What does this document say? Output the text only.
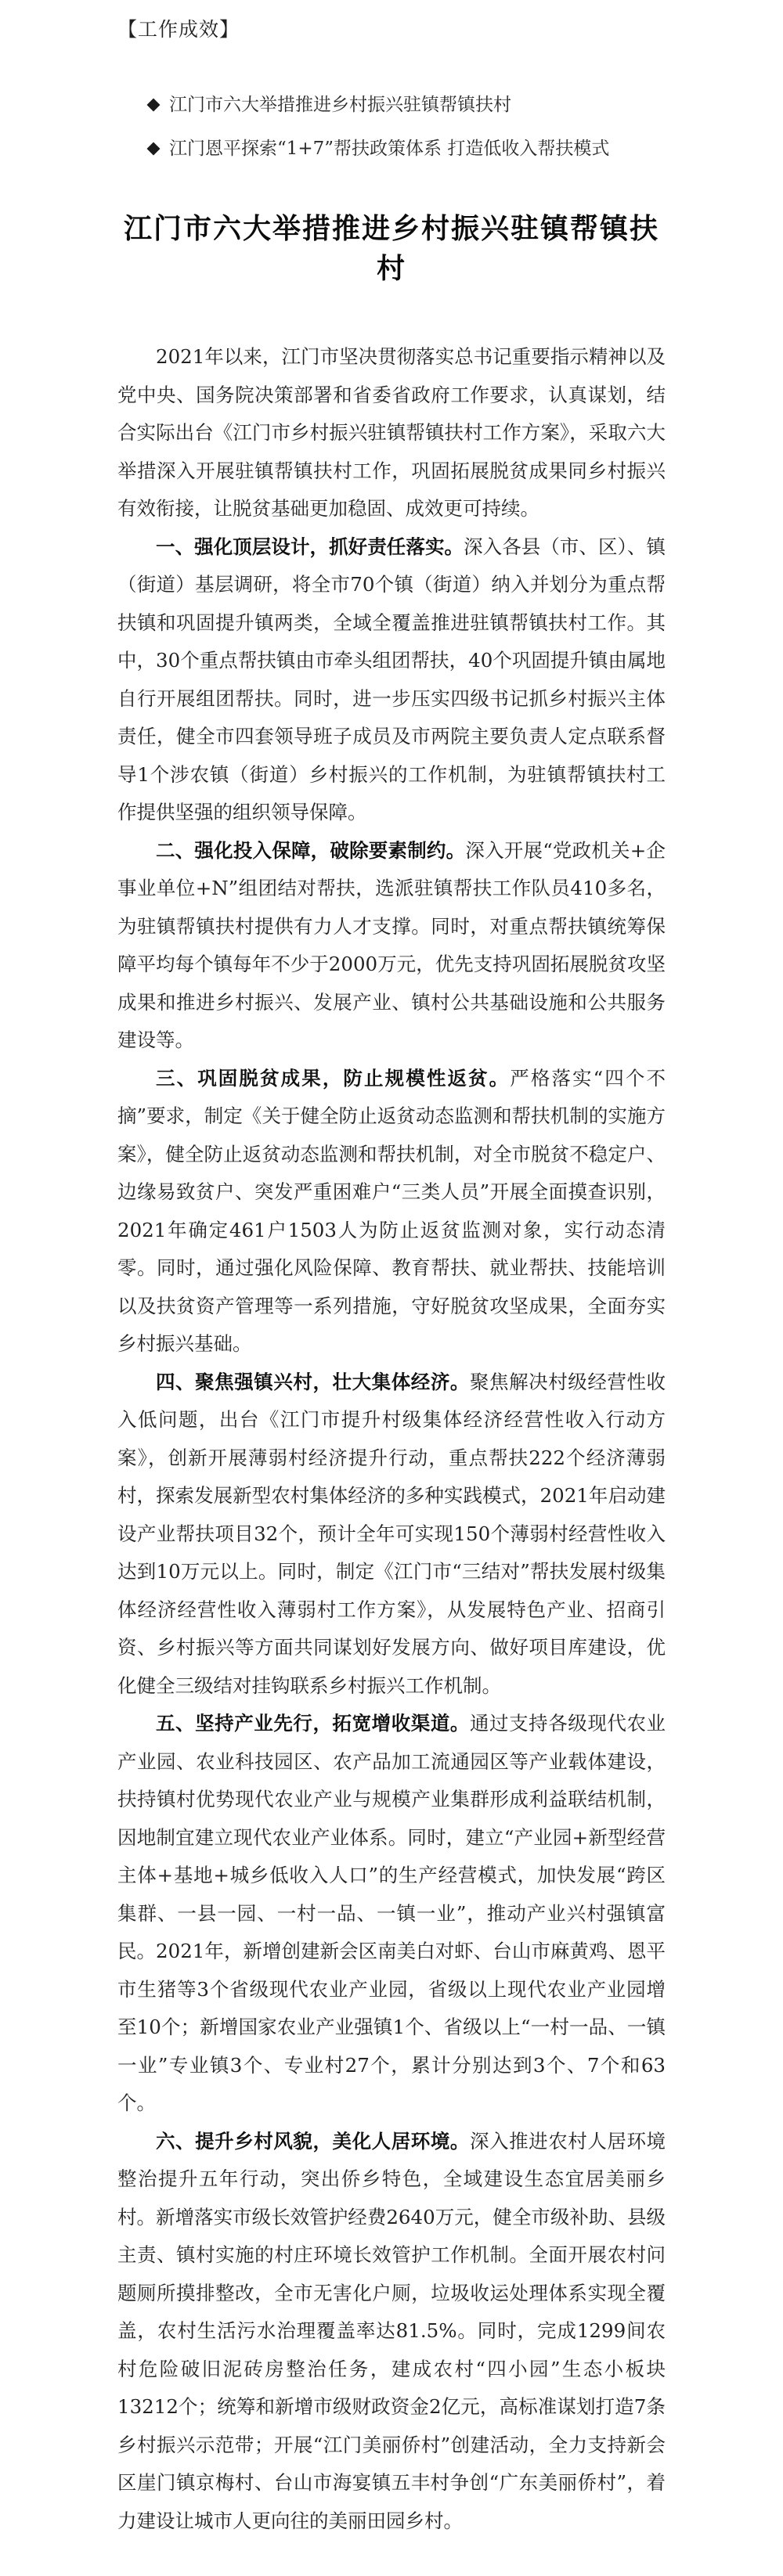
【工作成效】
江门市六大举措推进乡村振兴驻镇帮镇扶村
江门恩平探索“1+7”帮扶政策体系 打造低收入帮扶模式
江门市六大举措推进乡村振兴驻镇帮镇扶村

2021年以来，江门市坚决贯彻落实总书记重要指示精神以及党中央、国务院决策部署和省委省政府工作要求，认真谋划，结合实际出台《江门市乡村振兴驻镇帮镇扶村工作方案》，采取六大举措深入开展驻镇帮镇扶村工作，巩固拓展脱贫成果同乡村振兴有效衔接，让脱贫基础更加稳固、成效更可持续。

一、强化顶层设计，抓好责任落实。深入各县（市、区）、镇（街道）基层调研，将全市70个镇（街道）纳入并划分为重点帮扶镇和巩固提升镇两类，全域全覆盖推进驻镇帮镇扶村工作。其中，30个重点帮扶镇由市牵头组团帮扶，40个巩固提升镇由属地自行开展组团帮扶。同时，进一步压实四级书记抓乡村振兴主体责任，健全市四套领导班子成员及市两院主要负责人定点联系督导1个涉农镇（街道）乡村振兴的工作机制，为驻镇帮镇扶村工作提供坚强的组织领导保障。

二、强化投入保障，破除要素制约。深入开展“党政机关+企事业单位+N”组团结对帮扶，选派驻镇帮扶工作队员410多名，为驻镇帮镇扶村提供有力人才支撑。同时，对重点帮扶镇统筹保障平均每个镇每年不少于2000万元，优先支持巩固拓展脱贫攻坚成果和推进乡村振兴、发展产业、镇村公共基础设施和公共服务建设等。

三、巩固脱贫成果，防止规模性返贫。严格落实“四个不摘”要求，制定《关于健全防止返贫动态监测和帮扶机制的实施方案》，健全防止返贫动态监测和帮扶机制，对全市脱贫不稳定户、边缘易致贫户、突发严重困难户“三类人员”开展全面摸查识别，2021年确定461户1503人为防止返贫监测对象，实行动态清零。同时，通过强化风险保障、教育帮扶、就业帮扶、技能培训以及扶贫资产管理等一系列措施，守好脱贫攻坚成果，全面夯实乡村振兴基础。

四、聚焦强镇兴村，壮大集体经济。聚焦解决村级经营性收入低问题，出台《江门市提升村级集体经济经营性收入行动方案》，创新开展薄弱村经济提升行动，重点帮扶222个经济薄弱村，探索发展新型农村集体经济的多种实践模式，2021年启动建设产业帮扶项目32个，预计全年可实现150个薄弱村经营性收入达到10万元以上。同时，制定《江门市“三结对”帮扶发展村级集体经济经营性收入薄弱村工作方案》，从发展特色产业、招商引资、乡村振兴等方面共同谋划好发展方向、做好项目库建设，优化健全三级结对挂钩联系乡村振兴工作机制。

五、坚持产业先行，拓宽增收渠道。通过支持各级现代农业产业园、农业科技园区、农产品加工流通园区等产业载体建设，扶持镇村优势现代农业产业与规模产业集群形成利益联结机制，因地制宜建立现代农业产业体系。同时，建立“产业园+新型经营主体+基地+城乡低收入人口”的生产经营模式，加快发展“跨区集群、一县一园、一村一品、一镇一业”，推动产业兴村强镇富民。2021年，新增创建新会区南美白对虾、台山市麻黄鸡、恩平市生猪等3个省级现代农业产业园，省级以上现代农业产业园增至10个；新增国家农业产业强镇1个、省级以上“一村一品、一镇一业”专业镇3个、专业村27个，累计分别达到3个、7个和63个。

六、提升乡村风貌，美化人居环境。深入推进农村人居环境整治提升五年行动，突出侨乡特色，全域建设生态宜居美丽乡村。新增落实市级长效管护经费2640万元，健全市级补助、县级主责、镇村实施的村庄环境长效管护工作机制。全面开展农村问题厕所摸排整改，全市无害化户厕，垃圾收运处理体系实现全覆盖，农村生活污水治理覆盖率达81.5%。同时，完成1299间农村危险破旧泥砖房整治任务，建成农村“四小园”生态小板块13212个；统筹和新增市级财政资金2亿元，高标准谋划打造7条乡村振兴示范带；开展“江门美丽侨村”创建活动，全力支持新会区崖门镇京梅村、台山市海宴镇五丰村争创“广东美丽侨村”，着力建设让城市人更向往的美丽田园乡村。
